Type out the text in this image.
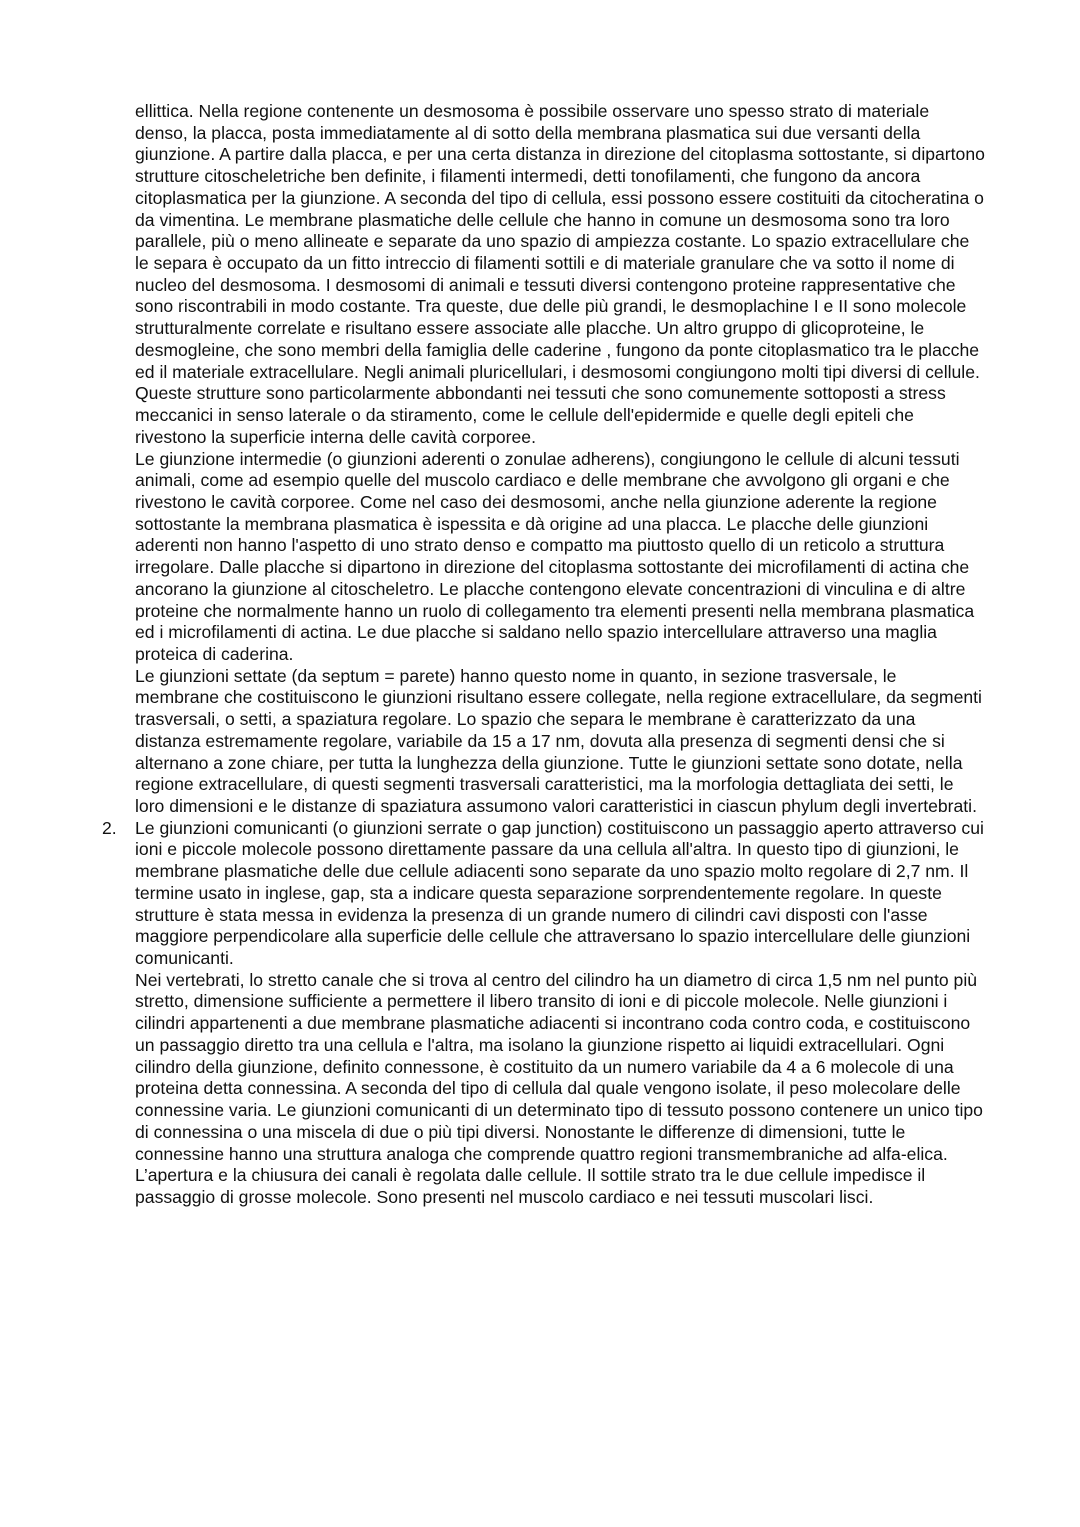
ellittica. Nella regione contenente un desmosoma è possibile osservare uno spesso strato di materiale denso, la placca, posta immediatamente al di sotto della membrana plasmatica sui due versanti della giunzione. A partire dalla placca, e per una certa distanza in direzione del citoplasma sottostante, si dipartono strutture citoscheletriche ben definite, i filamenti intermedi, detti tonofilamenti, che fungono da ancora citoplasmatica per la giunzione. A seconda del tipo di cellula, essi possono essere costituiti da citocheratina o da vimentina. Le membrane plasmatiche delle cellule che hanno in comune un desmosoma sono tra loro parallele, più o meno allineate e separate da uno spazio di ampiezza costante. Lo spazio extracellulare che le separa è occupato da un fitto intreccio di filamenti sottili e di materiale granulare che va sotto il nome di nucleo del desmosoma. I desmosomi di animali e tessuti diversi contengono proteine rappresentative che sono riscontrabili in modo costante. Tra queste, due delle più grandi, le desmoplachine I e II sono molecole strutturalmente correlate e risultano essere associate alle placche. Un altro gruppo di glicoproteine, le desmogleine, che sono membri della famiglia delle caderine , fungono da ponte citoplasmatico tra le placche ed il materiale extracellulare. Negli animali pluricellulari, i desmosomi congiungono molti tipi diversi di cellule. Queste strutture sono particolarmente abbondanti nei tessuti che sono comunemente sottoposti a stress meccanici in senso laterale o da stiramento, come le cellule dell'epidermide e quelle degli epiteli che rivestono la superficie interna delle cavità corporee.

Le giunzione intermedie (o giunzioni aderenti o zonulae adherens), congiungono le cellule di alcuni tessuti animali, come ad esempio quelle del muscolo cardiaco e delle membrane che avvolgono gli organi e che rivestono le cavità corporee. Come nel caso dei desmosomi, anche nella giunzione aderente la regione sottostante la membrana plasmatica è ispessita e dà origine ad una placca. Le placche delle giunzioni aderenti non hanno l'aspetto di uno strato denso e compatto ma piuttosto quello di un reticolo a struttura irregolare. Dalle placche si dipartono in direzione del citoplasma sottostante dei microfilamenti di actina che ancorano la giunzione al citoscheletro. Le placche contengono elevate concentrazioni di vinculina e di altre proteine che normalmente hanno un ruolo di collegamento tra elementi presenti nella membrana plasmatica ed i microfilamenti di actina. Le due placche si saldano nello spazio intercellulare attraverso una maglia proteica di caderina.

Le giunzioni settate (da septum = parete) hanno questo nome in quanto, in sezione trasversale, le membrane che costituiscono le giunzioni risultano essere collegate, nella regione extracellulare, da segmenti trasversali, o setti, a spaziatura regolare. Lo spazio che separa le membrane è caratterizzato da una distanza estremamente regolare, variabile da 15 a 17 nm, dovuta alla presenza di segmenti densi che si alternano a zone chiare, per tutta la lunghezza della giunzione. Tutte le giunzioni settate sono dotate, nella regione extracellulare, di questi segmenti trasversali caratteristici, ma la morfologia dettagliata dei setti, le loro dimensioni e le distanze di spaziatura assumono valori caratteristici in ciascun phylum degli invertebrati.

2. Le giunzioni comunicanti (o giunzioni serrate o gap junction) costituiscono un passaggio aperto attraverso cui ioni e piccole molecole possono direttamente passare da una cellula all'altra. In questo tipo di giunzioni, le membrane plasmatiche delle due cellule adiacenti sono separate da uno spazio molto regolare di 2,7 nm. Il termine usato in inglese, gap, sta a indicare questa separazione sorprendentemente regolare. In queste strutture è stata messa in evidenza la presenza di un grande numero di cilindri cavi disposti con l'asse maggiore perpendicolare alla superficie delle cellule che attraversano lo spazio intercellulare delle giunzioni comunicanti.

Nei vertebrati, lo stretto canale che si trova al centro del cilindro ha un diametro di circa 1,5 nm nel punto più stretto, dimensione sufficiente a permettere il libero transito di ioni e di piccole molecole. Nelle giunzioni i cilindri appartenenti a due membrane plasmatiche adiacenti si incontrano coda contro coda, e costituiscono un passaggio diretto tra una cellula e l'altra, ma isolano la giunzione rispetto ai liquidi extracellulari. Ogni cilindro della giunzione, definito connessone, è costituito da un numero variabile da 4 a 6 molecole di una proteina detta connessina. A seconda del tipo di cellula dal quale vengono isolate, il peso molecolare delle connessine varia. Le giunzioni comunicanti di un determinato tipo di tessuto possono contenere un unico tipo di connessina o una miscela di due o più tipi diversi. Nonostante le differenze di dimensioni, tutte le connessine hanno una struttura analoga che comprende quattro regioni transmembraniche ad alfa-elica. L’apertura e la chiusura dei canali è regolata dalle cellule. Il sottile strato tra le due cellule impedisce il passaggio di grosse molecole. Sono presenti nel muscolo cardiaco e nei tessuti muscolari lisci.
